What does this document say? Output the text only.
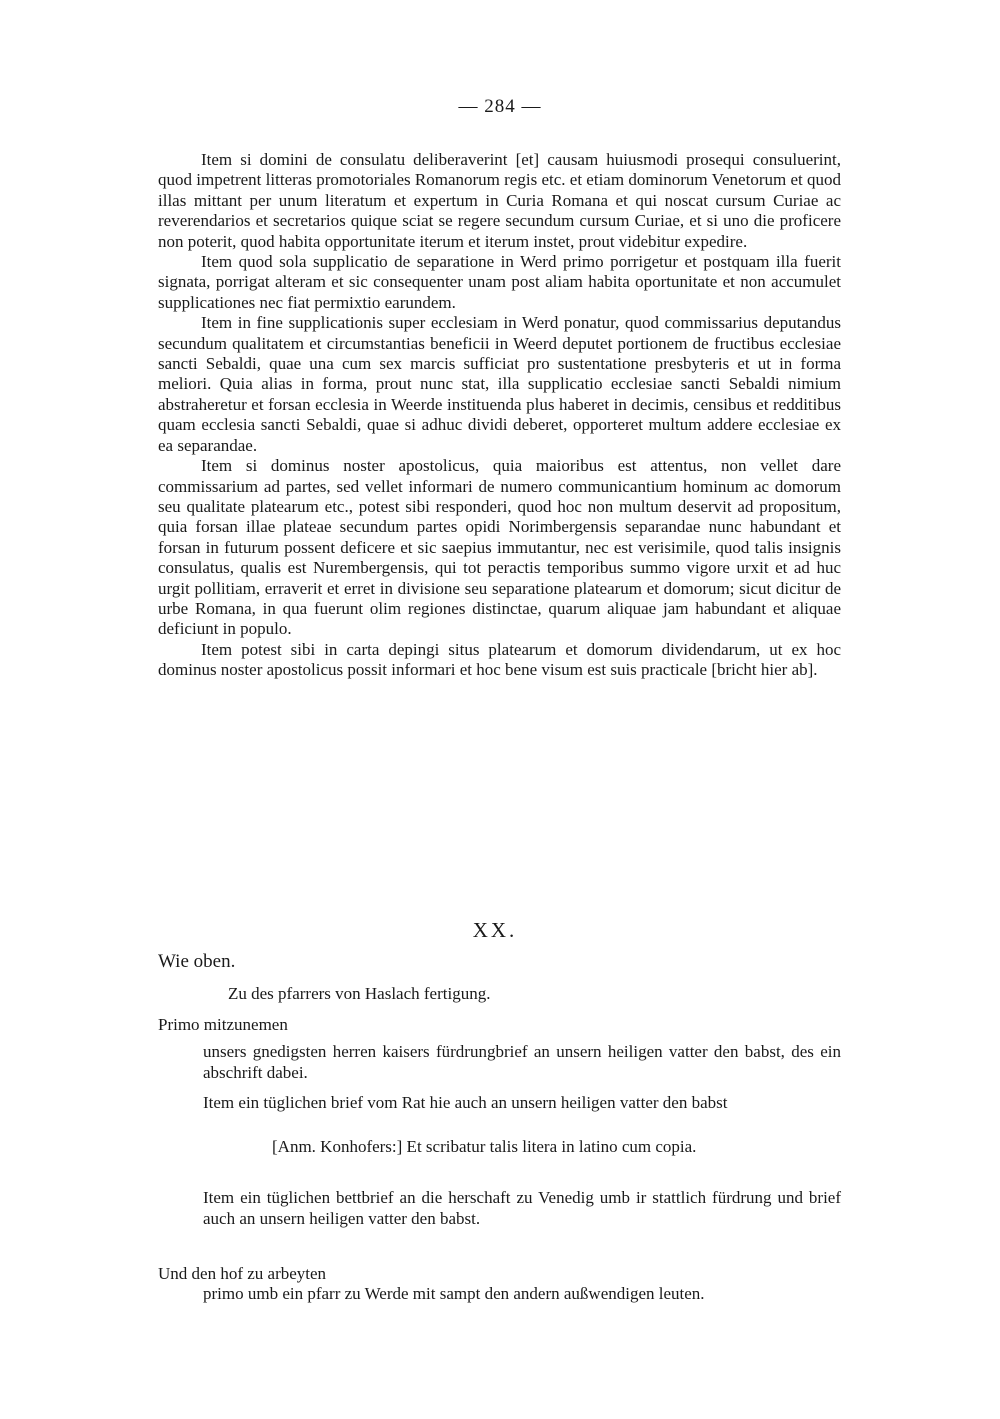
— 284 —

Item si domini de consulatu deliberaverint [et] causam huiusmodi prosequi consuluerint, quod impetrent litteras promotoriales Romanorum regis etc. et etiam dominorum Venetorum et quod illas mittant per unum literatum et expertum in Curia Romana et qui noscat cursum Curiae ac reverendarios et secretarios quique sciat se regere secundum cursum Curiae, et si uno die proficere non poterit, quod habita opportunitate iterum et iterum instet, prout videbitur expedire.

Item quod sola supplicatio de separatione in Werd primo porrigetur et postquam illa fuerit signata, porrigat alteram et sic consequenter unam post aliam habita oportunitate et non accumulet supplicationes nec fiat permixtio earundem.

Item in fine supplicationis super ecclesiam in Werd ponatur, quod commissarius deputandus secundum qualitatem et circumstantias beneficii in Weerd deputet portionem de fructibus ecclesiae sancti Sebaldi, quae una cum sex marcis sufficiat pro sustentatione presbyteris et ut in forma meliori. Quia alias in forma, prout nunc stat, illa supplicatio ecclesiae sancti Sebaldi nimium abstraheretur et forsan ecclesia in Weerde instituenda plus haberet in decimis, censibus et redditibus quam ecclesia sancti Sebaldi, quae si adhuc dividi deberet, opporteret multum addere ecclesiae ex ea separandae.

Item si dominus noster apostolicus, quia maioribus est attentus, non vellet dare commissarium ad partes, sed vellet informari de numero communicantium hominum ac domorum seu qualitate platearum etc., potest sibi responderi, quod hoc non multum deservit ad propositum, quia forsan illae plateae secundum partes opidi Norimbergensis separandae nunc habundant et forsan in futurum possent deficere et sic saepius immutantur, nec est verisimile, quod talis insignis consulatus, qualis est Nurembergensis, qui tot peractis temporibus summo vigore urxit et ad huc urgit pollitiam, erraverit et erret in divisione seu separatione platearum et domorum; sicut dicitur de urbe Romana, in qua fuerunt olim regiones distinctae, quarum aliquae jam habundant et aliquae deficiunt in populo.

Item potest sibi in carta depingi situs platearum et domorum dividendarum, ut ex hoc dominus noster apostolicus possit informari et hoc bene visum est suis practicale [bricht hier ab].

XX.
Wie oben.
Zu des pfarrers von Haslach fertigung.
Primo mitzunemen
unsers gnedigsten herren kaisers fürdrungbrief an unsern heiligen vatter den babst, des ein abschrift dabei.
Item ein tüglichen brief vom Rat hie auch an unsern heiligen vatter den babst
[Anm. Konhofers:] Et scribatur talis litera in latino cum copia.
Item ein tüglichen bettbrief an die herschaft zu Venedig umb ir stattlich fürdrung und brief auch an unsern heiligen vatter den babst.
Und den hof zu arbeyten
primo umb ein pfarr zu Werde mit sampt den andern außwendigen leuten.
